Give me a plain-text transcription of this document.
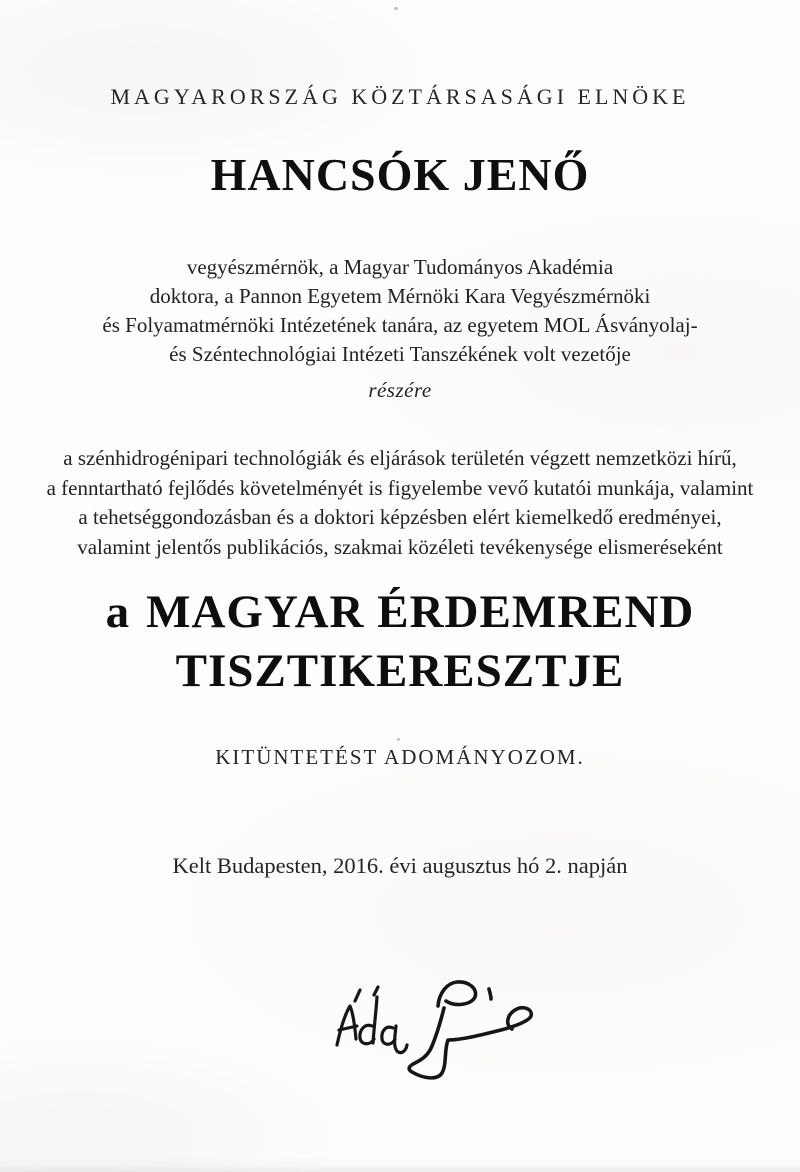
MAGYARORSZÁG KÖZTÁRSASÁGI ELNÖKE
HANCSÓK JENŐ
vegyészmérnök, a Magyar Tudományos Akadémia
doktora, a Pannon Egyetem Mérnöki Kara Vegyészmérnöki
és Folyamatmérnöki Intézetének tanára, az egyetem MOL Ásványolaj-
és Széntechnológiai Intézeti Tanszékének volt vezetője
részére
a szénhidrogénipari technológiák és eljárások területén végzett nemzetközi hírű,
a fenntartható fejlődés követelményét is figyelembe vevő kutatói munkája, valamint
a tehetséggondozásban és a doktori képzésben elért kiemelkedő eredményei,
valamint jelentős publikációs, szakmai közéleti tevékenysége elismeréseként
a MAGYAR ÉRDEMREND
TISZTIKERESZTJE
KITÜNTETÉST ADOMÁNYOZOM.
Kelt Budapesten, 2016. évi augusztus hó 2. napján
